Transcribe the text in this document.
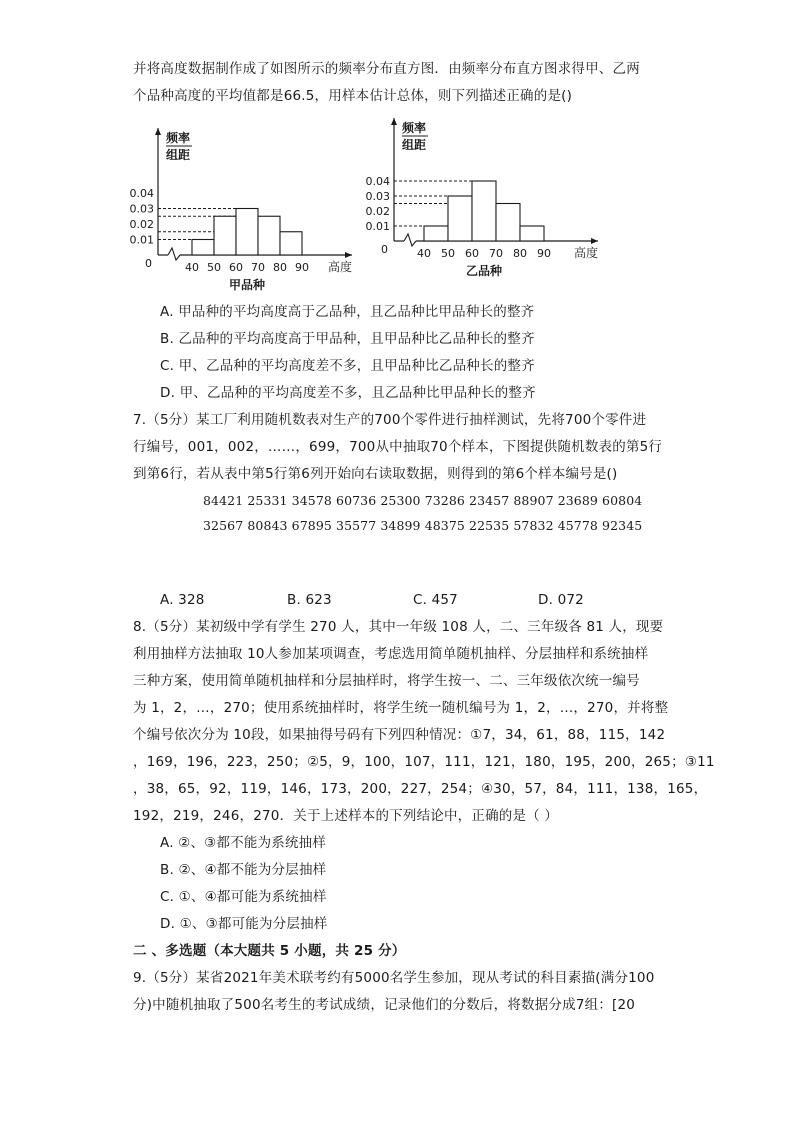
并将高度数据制作成了如图所示的频率分布直方图．由频率分布直方图求得甲、乙两
个品种高度的平均值都是66.5，用样本估计总体，则下列描述正确的是()
0.01
0.02
0.03
0.04
0	40 50 60 70 80 90
频率
组距
高度
甲品种
0.01
0.02
0.03
0.04
0	40 50 60 70 80 90
频率
组距
高度
乙品种
A. 甲品种的平均高度高于乙品种，且乙品种比甲品种长的整齐
B. 乙品种的平均高度高于甲品种，且甲品种比乙品种长的整齐
C. 甲、乙品种的平均高度差不多，且甲品种比乙品种长的整齐
D. 甲、乙品种的平均高度差不多，且乙品种比甲品种长的整齐
7.（5分）某工厂利用随机数表对生产的700个零件进行抽样测试，先将700个零件进
行编号，001，002，……，699，700从中抽取70个样本，下图提供随机数表的第5行
到第6行，若从表中第5行第6列开始向右读取数据，则得到的第6个样本编号是()
84421 25331 34578 60736 25300 73286 23457 88907 23689 60804
32567 80843 67895 35577 34899 48375 22535 57832 45778 92345
A. 328	B. 623	C. 457	D. 072
8.（5分）某初级中学有学生 270 人，其中一年级 108 人，二、三年级各 81 人，现要
利用抽样方法抽取 10人参加某项调查，考虑选用简单随机抽样、分层抽样和系统抽样
三种方案，使用简单随机抽样和分层抽样时，将学生按一、二、三年级依次统一编号
为 1，2，…，270；使用系统抽样时，将学生统一随机编号为 1，2，…，270，并将整
个编号依次分为 10段，如果抽得号码有下列四种情况：①7，34，61，88，115，142
，169，196，223，250；②5，9，100，107，111，121，180，195，200，265；③11
，38，65，92，119，146，173，200，227，254；④30，57，84，111，138，165，
192，219，246，270．关于上述样本的下列结论中，正确的是（ ）
A. ②、③都不能为系统抽样
B. ②、④都不能为分层抽样
C. ①、④都可能为系统抽样
D. ①、③都可能为分层抽样
二 、多选题（本大题共 5 小题，共 25 分）
9.（5分）某省2021年美术联考约有5000名学生参加，现从考试的科目素描(满分100
分)中随机抽取了500名考生的考试成绩，记录他们的分数后，将数据分成7组：[20
